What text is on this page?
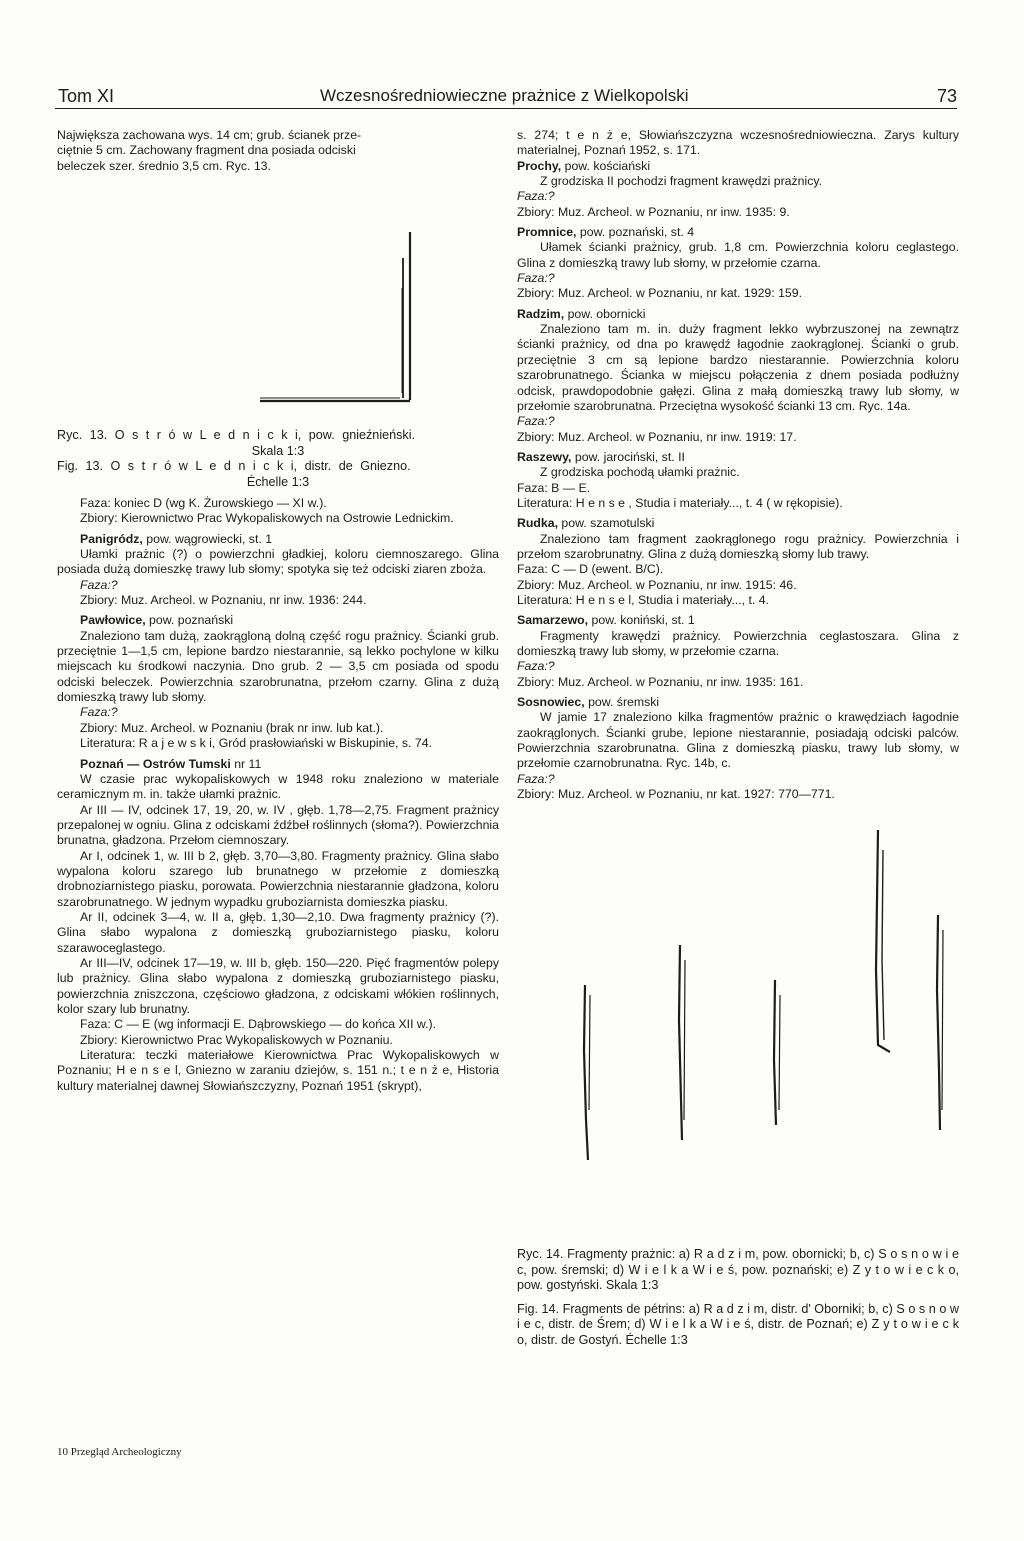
Tom XI	Wczesnośredniowieczne prażnice z Wielkopolski	73

Największa zachowana wys. 14 cm; grub. ścianek prze-

ciętnie 5 cm. Zachowany fragment dna posiada odciski

beleczek szer. średnio 3,5 cm. Ryc. 13.

Ryc. 13. O s t r ó w L e d n i c k i, pow. gnieźnieński.
Skala 1:3
Fig. 13. O s t r ó w L e d n i c k i, distr. de Gniezno.
Échelle 1:3

Faza: koniec D (wg K. Żurowskiego — XI w.).

Zbiory: Kierownictwo Prac Wykopaliskowych na Ostrowie Lednickim.

Panigródz, pow. wągrowiecki, st. 1

Ułamki prażnic (?) o powierzchni gładkiej, koloru ciemnoszarego. Glina posiada dużą domieszkę trawy lub słomy; spotyka się też odciski ziaren zboża.

Faza:?

Zbiory: Muz. Archeol. w Poznaniu, nr inw. 1936: 244.

Pawłowice, pow. poznański

Znaleziono tam dużą, zaokrągloną dolną część rogu prażnicy. Ścianki grub. przeciętnie 1—1,5 cm, lepione bardzo niestarannie, są lekko pochylone w kilku miejscach ku środkowi naczynia. Dno grub. 2 — 3,5 cm posiada od spodu odciski beleczek. Powierzchnia szarobrunatna, przełom czarny. Glina z dużą domieszką trawy lub słomy.

Faza:?

Zbiory: Muz. Archeol. w Poznaniu (brak nr inw. lub kat.).

Literatura: R a j e w s k i, Gród prasłowiański w Biskupinie, s. 74.

Poznań — Ostrów Tumski nr 11

W czasie prac wykopaliskowych w 1948 roku znaleziono w materiale ceramicznym m. in. także ułamki prażnic.

Ar III — IV, odcinek 17, 19, 20, w. IV , głęb. 1,78—2,75. Fragment prażnicy przepalonej w ogniu. Glina z odciskami źdźbeł roślinnych (słoma?). Powierzchnia brunatna, gładzona. Przełom ciemnoszary.

Ar I, odcinek 1, w. III b 2, głęb. 3,70—3,80. Fragmenty prażnicy. Glina słabo wypalona koloru szarego lub brunatnego w przełomie z domieszką drobnoziarnistego piasku, porowata. Powierzchnia niestarannie gładzona, koloru szarobrunatnego. W jednym wypadku gruboziarnista domieszka piasku.

Ar II, odcinek 3—4, w. II a, głęb. 1,30—2,10. Dwa fragmenty prażnicy (?). Glina słabo wypalona z domieszką gruboziarnistego piasku, koloru szarawoceglastego.

Ar III—IV, odcinek 17—19, w. III b, głęb. 150—220. Pięć fragmentów polepy lub prażnicy. Glina słabo wypalona z domieszką gruboziarnistego piasku, powierzchnia zniszczona, częściowo gładzona, z odciskami włókien roślinnych, kolor szary lub brunatny.

Faza: C — E (wg informacji E. Dąbrowskiego — do końca XII w.).

Zbiory: Kierownictwo Prac Wykopaliskowych w Poznaniu.

Literatura: teczki materiałowe Kierownictwa Prac Wykopaliskowych w Poznaniu; H e n s e l, Gniezno w zaraniu dziejów, s. 151 n.; t e n ż e, Historia kultury materialnej dawnej Słowiańszczyzny, Poznań 1951 (skrypt),

s. 274; t e n ż e, Słowiańszczyzna wczesnośredniowieczna. Zarys kultury materialnej, Poznań 1952, s. 171.

Prochy, pow. kościański

Z grodziska II pochodzi fragment krawędzi prażnicy.

Faza:?

Zbiory: Muz. Archeol. w Poznaniu, nr inw. 1935: 9.

Promnice, pow. poznański, st. 4

Ułamek ścianki prażnicy, grub. 1,8 cm. Powierzchnia koloru ceglastego. Glina z domieszką trawy lub słomy, w przełomie czarna.

Faza:?

Zbiory: Muz. Archeol. w Poznaniu, nr kat. 1929: 159.

Radzim, pow. obornicki

Znaleziono tam m. in. duży fragment lekko wybrzuszonej na zewnątrz ścianki prażnicy, od dna po krawędź łagodnie zaokrąglonej. Ścianki o grub. przeciętnie 3 cm są lepione bardzo niestarannie. Powierzchnia koloru szarobrunatnego. Ścianka w miejscu połączenia z dnem posiada podłużny odcisk, prawdopodobnie gałęzi. Glina z małą domieszką trawy lub słomy, w przełomie szarobrunatna. Przeciętna wysokość ścianki 13 cm. Ryc. 14a.

Faza:?

Zbiory: Muz. Archeol. w Poznaniu, nr inw. 1919: 17.

Raszewy, pow. jarociński, st. II

Z grodziska pochodą ułamki prażnic.

Faza: B — E.

Literatura: H e n s e , Studia i materiały..., t. 4 ( w rękopisie).

Rudka, pow. szamotulski

Znaleziono tam fragment zaokrąglonego rogu prażnicy. Powierzchnia i przełom szarobrunatny. Glina z dużą domieszką słomy lub trawy.

Faza: C — D (ewent. B/C).

Zbiory: Muz. Archeol. w Poznaniu, nr inw. 1915: 46.

Literatura: H e n s e l, Studia i materiały..., t. 4.

Samarzewo, pow. koniński, st. 1

Fragmenty krawędzi prażnicy. Powierzchnia ceglastoszara. Glina z domieszką trawy lub słomy, w przełomie czarna.

Faza:?

Zbiory: Muz. Archeol. w Poznaniu, nr inw. 1935: 161.

Sosnowiec, pow. śremski

W jamie 17 znaleziono kilka fragmentów prażnic o krawędziach łagodnie zaokrąglonych. Ścianki grube, lepione niestarannie, posiadają odciski palców. Powierzchnia szarobrunatna. Glina z domieszką piasku, trawy lub słomy, w przełomie czarnobrunatna. Ryc. 14b, c.

Faza:?

Zbiory: Muz. Archeol. w Poznaniu, nr kat. 1927: 770—771.

Ryc. 14. Fragmenty prażnic: a) R a d z i m, pow. obornicki; b, c) S o s n o w i e c, pow. śremski; d) W i e l k a W i e ś, pow. poznański; e) Z y t o w i e c k o, pow. gostyński. Skala 1:3

Fig. 14. Fragments de pétrins: a) R a d z i m, distr. d' Oborniki; b, c) S o s n o w i e c, distr. de Śrem; d) W i e l k a W i e ś, distr. de Poznań; e) Z y t o w i e c k o, distr. de Gostyń. Échelle 1:3

10 Przegląd Archeologiczny
